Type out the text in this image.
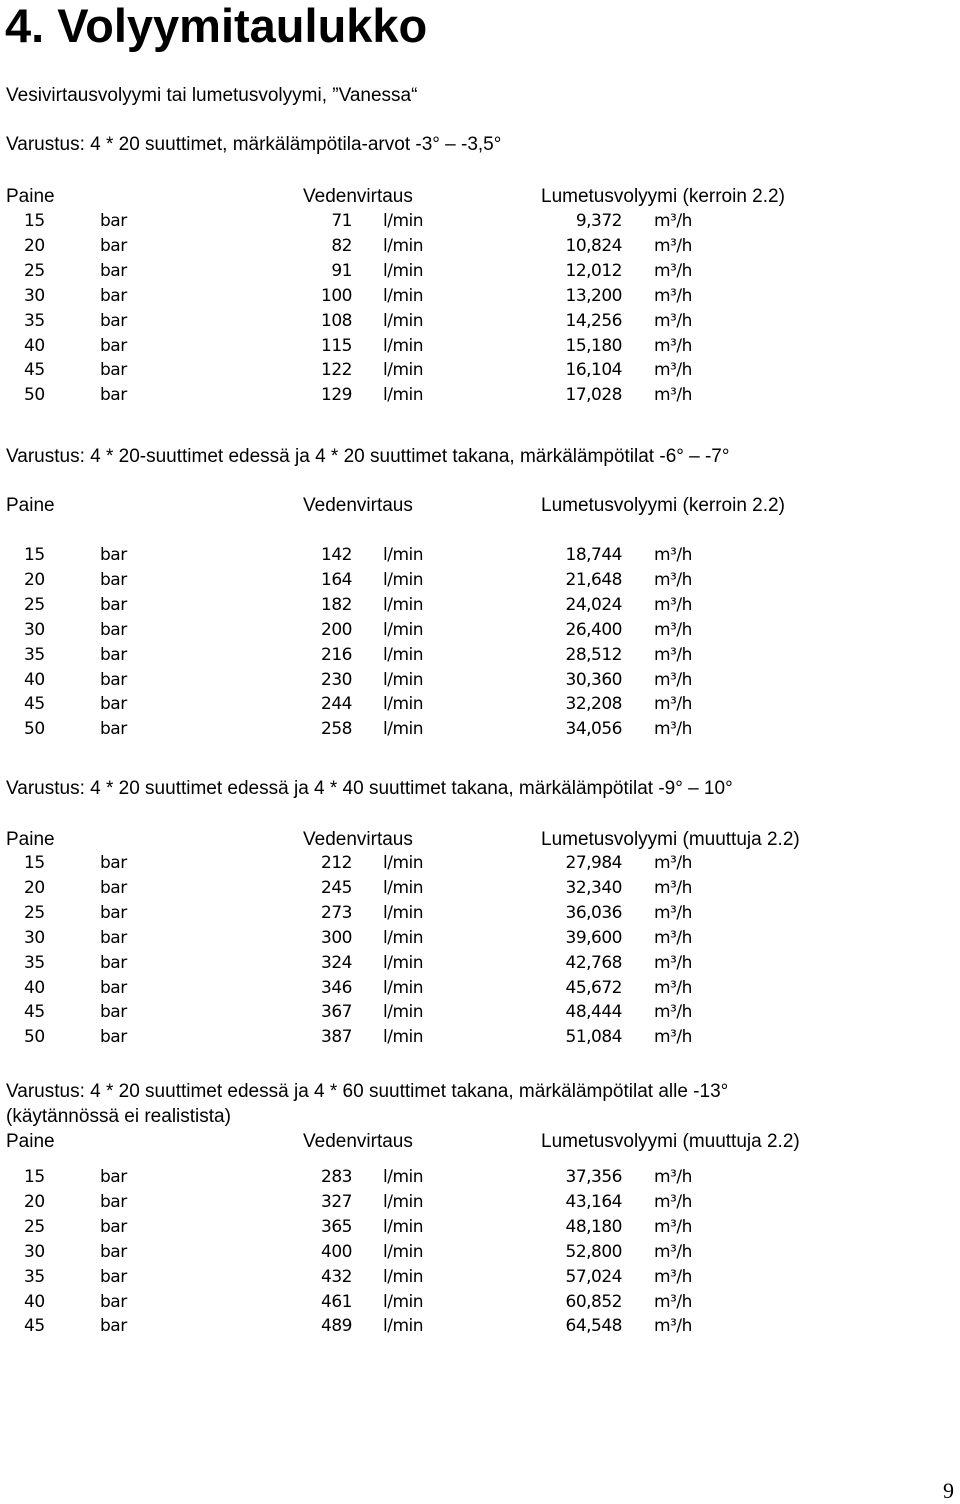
4. Volyymitaulukko
Vesivirtausvolyymi tai lumetusvolyymi, ”Vanessa“
Varustus: 4 * 20 suuttimet, märkälämpötila-arvot -3° – -3,5°
Paine	Vedenvirtaus	Lumetusvolyymi (kerroin 2.2)
15	bar	71 l/min	9,372 m³/h
20	bar	82 l/min	10,824 m³/h
25	bar	91 l/min	12,012 m³/h
30	bar	100 l/min	13,200 m³/h
35	bar	108 l/min	14,256 m³/h
40	bar	115 l/min	15,180 m³/h
45	bar	122 l/min	16,104 m³/h
50	bar	129 l/min	17,028 m³/h
Varustus: 4 * 20-suuttimet edessä ja 4 * 20 suuttimet takana, märkälämpötilat -6° – -7°
Paine	Vedenvirtaus	Lumetusvolyymi (kerroin 2.2)
15	bar	142 l/min	18,744 m³/h
20	bar	164 l/min	21,648 m³/h
25	bar	182 l/min	24,024 m³/h
30	bar	200 l/min	26,400 m³/h
35	bar	216 l/min	28,512 m³/h
40	bar	230 l/min	30,360 m³/h
45	bar	244 l/min	32,208 m³/h
50	bar	258 l/min	34,056 m³/h
Varustus: 4 * 20 suuttimet edessä ja 4 * 40 suuttimet takana, märkälämpötilat -9° – 10°
Paine	Vedenvirtaus	Lumetusvolyymi (muuttuja 2.2)
15	bar	212 l/min	27,984 m³/h
20	bar	245 l/min	32,340 m³/h
25	bar	273 l/min	36,036 m³/h
30	bar	300 l/min	39,600 m³/h
35	bar	324 l/min	42,768 m³/h
40	bar	346 l/min	45,672 m³/h
45	bar	367 l/min	48,444 m³/h
50	bar	387 l/min	51,084 m³/h
Varustus: 4 * 20 suuttimet edessä ja 4 * 60 suuttimet takana, märkälämpötilat alle -13°
(käytännössä ei realistista)
Paine	Vedenvirtaus	Lumetusvolyymi (muuttuja 2.2)
15	bar	283 l/min	37,356 m³/h
20	bar	327 l/min	43,164 m³/h
25	bar	365 l/min	48,180 m³/h
30	bar	400 l/min	52,800 m³/h
35	bar	432 l/min	57,024 m³/h
40	bar	461 l/min	60,852 m³/h
45	bar	489 l/min	64,548 m³/h
9
